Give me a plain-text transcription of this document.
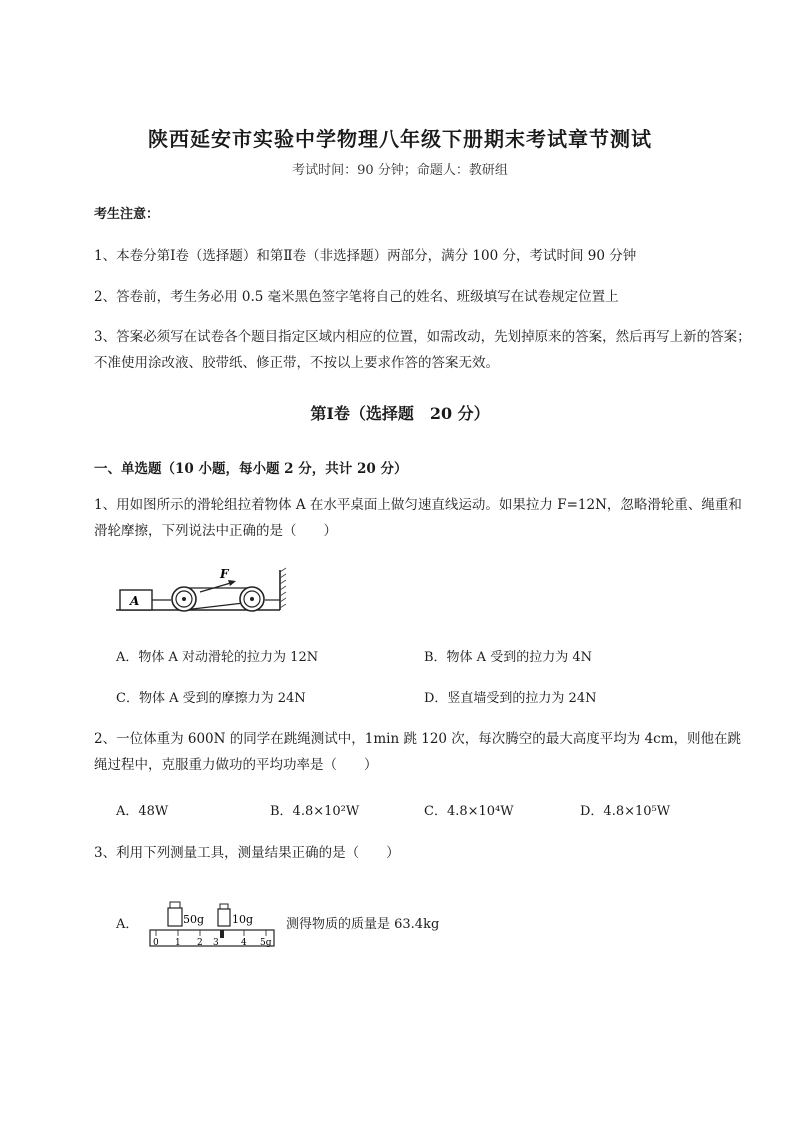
陕西延安市实验中学物理八年级下册期末考试章节测试
考试时间：90 分钟；命题人：教研组
考生注意：
1、本卷分第Ⅰ卷（选择题）和第Ⅱ卷（非选择题）两部分，满分 100 分，考试时间 90 分钟
2、答卷前，考生务必用 0.5 毫米黑色签字笔将自己的姓名、班级填写在试卷规定位置上
3、答案必须写在试卷各个题目指定区域内相应的位置，如需改动，先划掉原来的答案，然后再写上新的答案；不准使用涂改液、胶带纸、修正带，不按以上要求作答的答案无效。
第Ⅰ卷（选择题　20 分）
一、单选题（10 小题，每小题 2 分，共计 20 分）
1、用如图所示的滑轮组拉着物体 A 在水平桌面上做匀速直线运动。如果拉力 F=12N，忽略滑轮重、绳重和滑轮摩擦，下列说法中正确的是（　　）
A
F
A．物体 A 对动滑轮的拉力为 12N	B．物体 A 受到的拉力为 4N
C．物体 A 受到的摩擦力为 24N	D．竖直墙受到的拉力为 24N
2、一位体重为 600N 的同学在跳绳测试中，1min 跳 120 次，每次腾空的最大高度平均为 4cm，则他在跳绳过程中，克服重力做功的平均功率是（　　）
A．48W	B．4.8×10²W	C．4.8×10⁴W	D．4.8×10⁵W
3、利用下列测量工具，测量结果正确的是（　　）
A．	50g	10g
0 1 2 3 4 5g
测得物质的质量是 63.4kg
